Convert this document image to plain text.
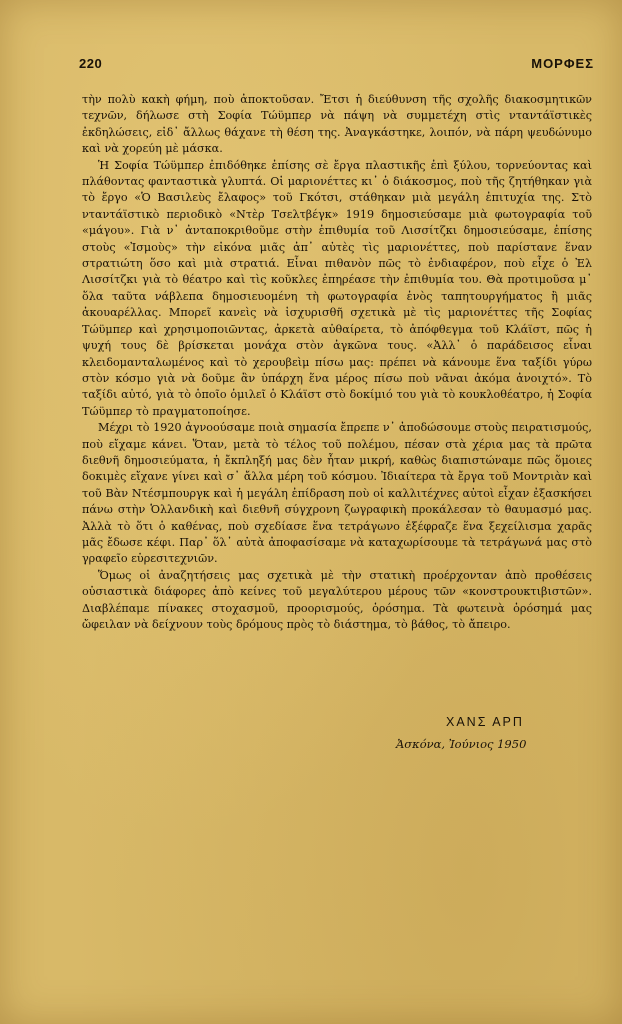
220	ΜΟΡΦΕΣ

τὴν πολὺ κακὴ φήμη, ποὺ ἀποκτοῦσαν. Ἔτσι ἡ διεύθυνση τῆς σχολῆς διακοσμητικῶν τεχνῶν, δήλωσε στὴ Σοφία Τώϋμπερ νὰ πάψη νὰ συμμετέχη στὶς νταντάϊστικὲς ἐκδηλώσεις, εἰδ᾽ ἄλλως θάχανε τὴ θέση της. Ἀναγκάστηκε, λοιπόν, νὰ πάρη ψευδώνυμο καὶ νὰ χορεύη μὲ μάσκα.

Ἡ Σοφία Τώϋμπερ ἐπιδόθηκε ἐπίσης σὲ ἔργα πλαστικῆς ἐπὶ ξύλου, τορνεύοντας καὶ πλάθοντας φανταστικὰ γλυπτά. Οἱ μαριονέττες κι᾽ ὁ διάκοσμος, ποὺ τῆς ζητήθηκαν γιὰ τὸ ἔργο «Ὁ Βασιλεὺς ἔλαφος» τοῦ Γκότσι, στάθηκαν μιὰ μεγάλη ἐπιτυχία της. Στὸ νταντάϊστικὸ περιοδικὸ «Ντὲρ Τσελτβέγκ» 1919 δημοσιεύσαμε μιὰ φωτογραφία τοῦ «μάγου». Γιὰ ν᾽ ἀνταποκριθοῦμε στὴν ἐπιθυμία τοῦ Λισσίτζκι δημοσιεύσαμε, ἐπίσης στοὺς «Ἰσμοὺς» τὴν εἰκόνα μιᾶς ἀπ᾽ αὐτὲς τὶς μαριονέττες, ποὺ παρίστανε ἕναν στρατιώτη ὅσο καὶ μιὰ στρατιά. Εἶναι πιθανὸν πῶς τὸ ἐνδιαφέρον, ποὺ εἶχε ὁ Ἐλ Λισσίτζκι γιὰ τὸ θέατρο καὶ τὶς κοῦκλες ἐπηρέασε τὴν ἐπιθυμία του. Θὰ προτιμοῦσα μ᾽ ὅλα ταῦτα νάβλεπα δημοσιευομένη τὴ φωτογραφία ἑνὸς ταπητουργήματος ἢ μιᾶς ἀκουαρέλλας. Μπορεῖ κανεὶς νὰ ἰσχυρισθῆ σχετικὰ μὲ τὶς μαριονέττες τῆς Σοφίας Τώϋμπερ καὶ χρησιμοποιῶντας, ἀρκετὰ αὐθαίρετα, τὸ ἀπόφθεγμα τοῦ Κλάϊστ, πῶς ἡ ψυχή τους δὲ βρίσκεται μονάχα στὸν ἀγκῶνα τους. «Ἀλλ᾽ ὁ παράδεισος εἶναι κλειδομανταλωμένος καὶ τὸ χερουβεὶμ πίσω μας: πρέπει νὰ κάνουμε ἕνα ταξίδι γύρω στὸν κόσμο γιὰ νὰ δοῦμε ἂν ὑπάρχη ἕνα μέρος πίσω ποὺ νᾶναι ἀκόμα ἀνοιχτό». Τὸ ταξίδι αὐτό, γιὰ τὸ ὁποῖο ὁμιλεῖ ὁ Κλάϊστ στὸ δοκίμιό του γιὰ τὸ κουκλοθέατρο, ἡ Σοφία Τώϋμπερ τὸ πραγματοποίησε.

Μέχρι τὸ 1920 ἀγνοούσαμε ποιὰ σημασία ἔπρεπε ν᾽ ἀποδώσουμε στοὺς πειρατισμούς, ποὺ εἴχαμε κάνει. Ὅταν, μετὰ τὸ τέλος τοῦ πολέμου, πέσαν στὰ χέρια μας τὰ πρῶτα διεθνῆ δημοσιεύματα, ἡ ἔκπληξή μας δὲν ἦταν μικρή, καθὼς διαπιστώναμε πῶς ὅμοιες δοκιμὲς εἴχανε γίνει καὶ σ᾽ ἄλλα μέρη τοῦ κόσμου. Ἰδιαίτερα τὰ ἔργα τοῦ Μοντριὰν καὶ τοῦ Βὰν Ντέσμπουργκ καὶ ἡ μεγάλη ἐπίδραση ποὺ οἱ καλλιτέχνες αὐτοὶ εἶχαν ἐξασκήσει πάνω στὴν Ὁλλανδικὴ καὶ διεθνῆ σύγχρονη ζωγραφικὴ προκάλεσαν τὸ θαυμασμό μας. Ἀλλὰ τὸ ὅτι ὁ καθένας, ποὺ σχεδίασε ἕνα τετράγωνο ἐξέφραζε ἕνα ξεχείλισμα χαρᾶς μᾶς ἔδωσε κέφι. Παρ᾽ ὅλ᾽ αὐτὰ ἀποφασίσαμε νὰ καταχωρίσουμε τὰ τετράγωνά μας στὸ γραφεῖο εὑρεσιτεχνιῶν.

Ὅμως οἱ ἀναζητήσεις μας σχετικὰ μὲ τὴν στατικὴ προέρχονταν ἀπὸ προθέσεις οὐσιαστικὰ διάφορες ἀπὸ κείνες τοῦ μεγαλύτερου μέρους τῶν «κονστρουκτιβιστῶν». Διαβλέπαμε πίνακες στοχασμοῦ, προορισμούς, ὁρόσημα. Τὰ φωτεινὰ ὁρόσημά μας ὤφειλαν νὰ δείχνουν τοὺς δρόμους πρὸς τὸ διάστημα, τὸ βάθος, τὸ ἄπειρο.

ΧΑΝΣ ΑΡΠ
Ἀσκόνα, Ἰούνιος 1950
